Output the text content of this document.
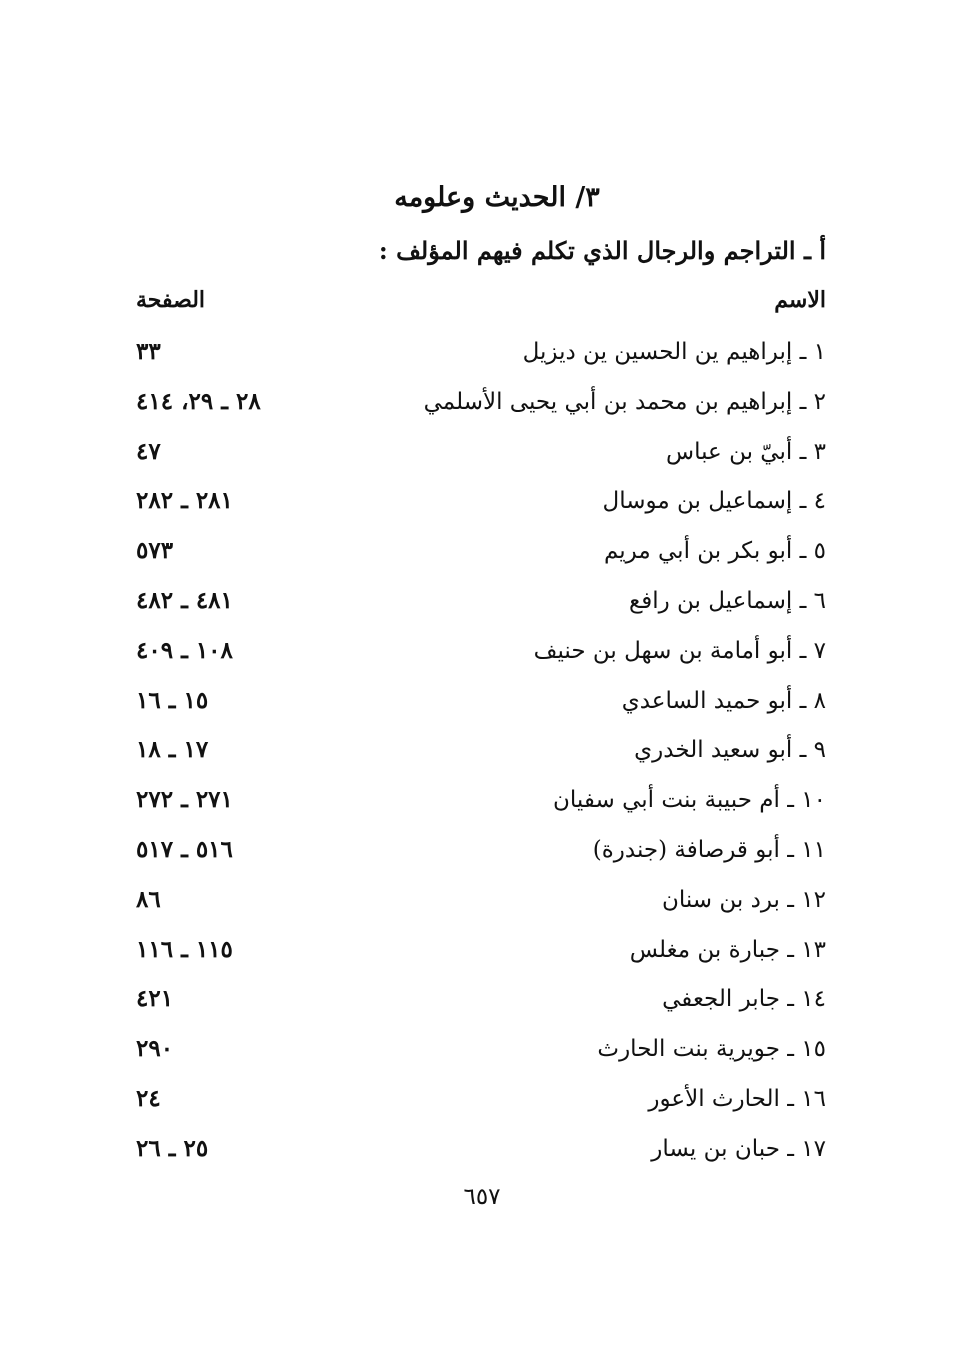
٣/ الحديث وعلومه
أ ـ التراجم والرجال الذي تكلم فيهم المؤلف :
الاسم
الصفحة
١ ـ إبراهيم ين الحسين ين ديزيل
٣٣
٢ ـ إبراهيم بن محمد بن أبي يحيى الأسلمي
٢٨ ـ ٢٩، ٤١٤
٣ ـ أبيّ بن عباس
٤٧
٤ ـ إسماعيل بن موسال
٢٨١ ـ ٢٨٢
٥ ـ أبو بكر بن أبي مريم
٥٧٣
٦ ـ إسماعيل بن رافع
٤٨١ ـ ٤٨٢
٧ ـ أبو أمامة بن سهل بن حنيف
١٠٨ ـ ٤٠٩
٨ ـ أبو حميد الساعدي
١٥ ـ ١٦
٩ ـ أبو سعيد الخدري
١٧ ـ ١٨
١٠ ـ أم حبيبة بنت أبي سفيان
٢٧١ ـ ٢٧٢
١١ ـ أبو قرصافة (جندرة)
٥١٦ ـ ٥١٧
١٢ ـ برد بن سنان
٨٦
١٣ ـ جبارة بن مغلس
١١٥ ـ ١١٦
١٤ ـ جابر الجعفي
٤٢١
١٥ ـ جويرية بنت الحارث
٢٩٠
١٦ ـ الحارث الأعور
٢٤
١٧ ـ حبان بن يسار
٢٥ ـ ٢٦
٦٥٧
